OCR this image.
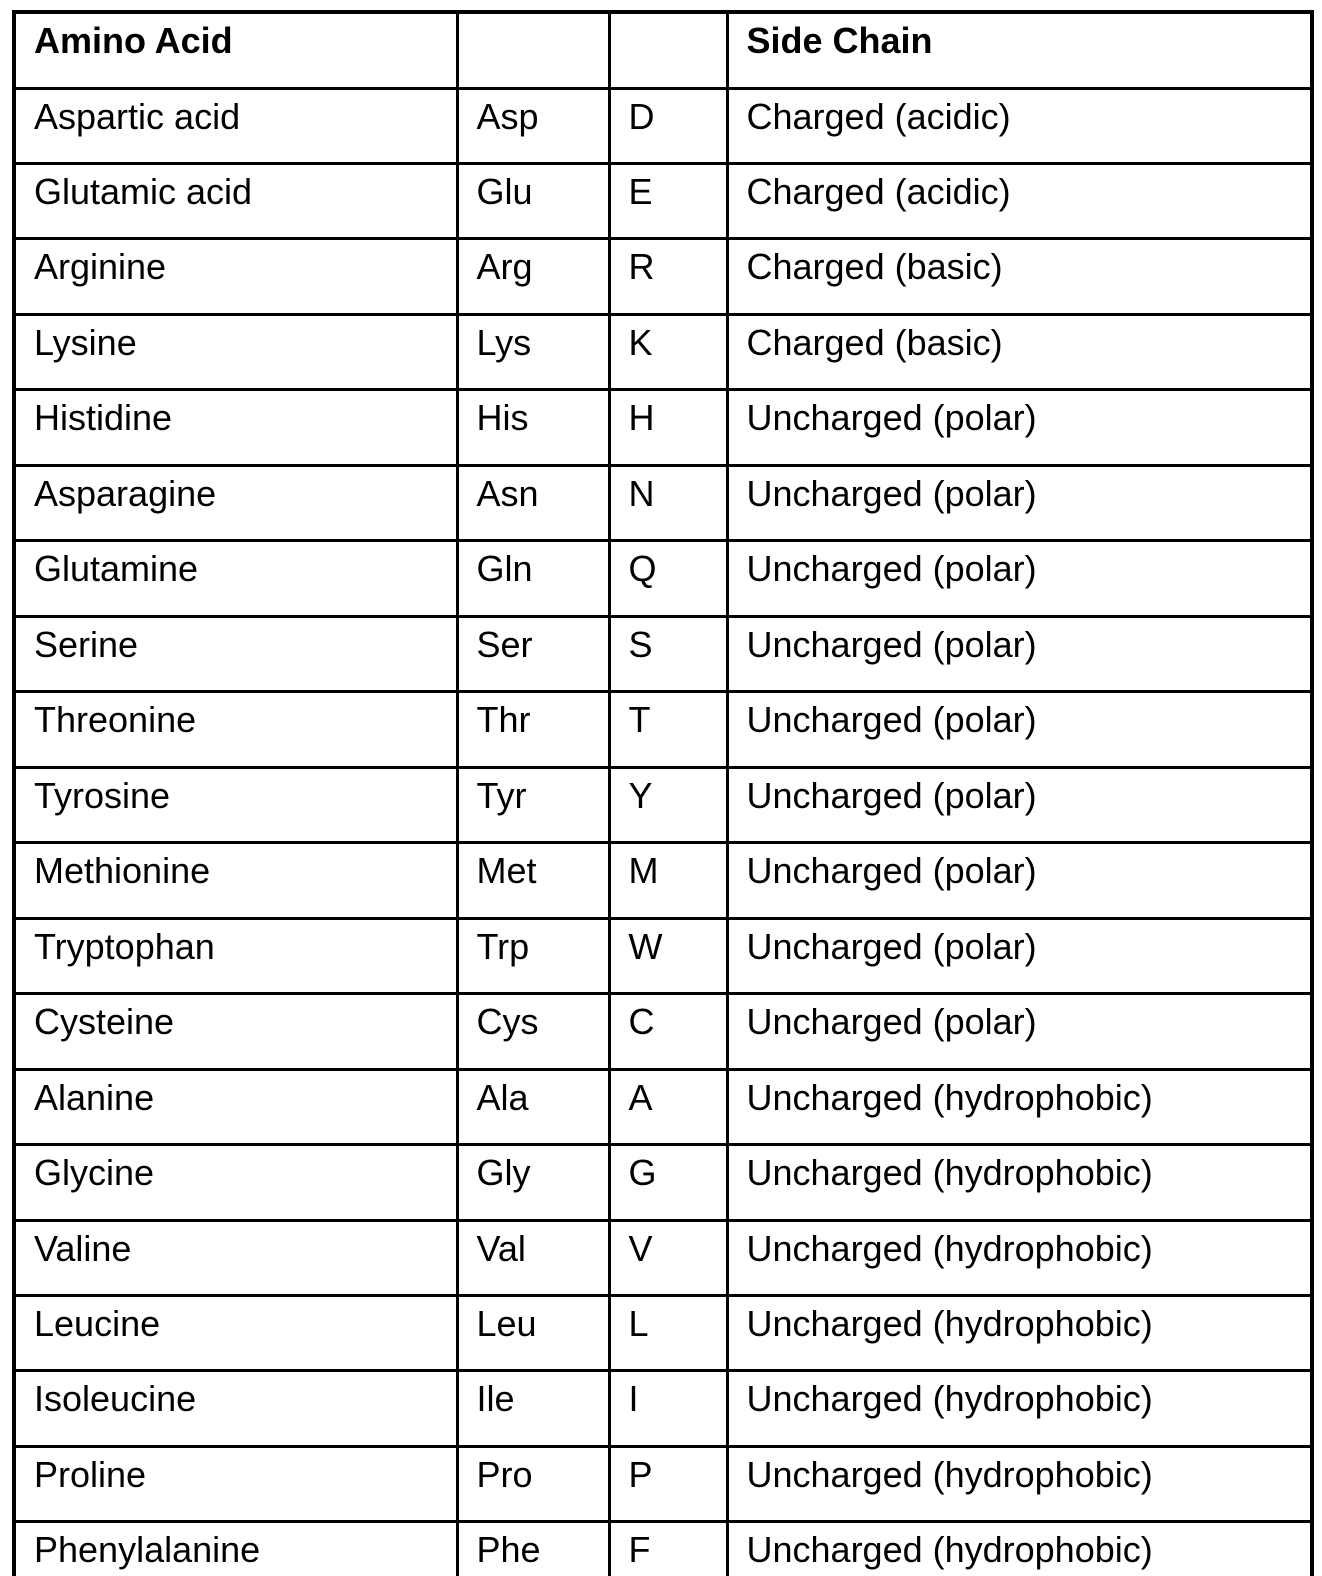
Amino Acid			Side Chain
Aspartic acid	Asp	D	Charged (acidic)
Glutamic acid	Glu	E	Charged (acidic)
Arginine	Arg	R	Charged (basic)
Lysine	Lys	K	Charged (basic)
Histidine	His	H	Uncharged (polar)
Asparagine	Asn	N	Uncharged (polar)
Glutamine	Gln	Q	Uncharged (polar)
Serine	Ser	S	Uncharged (polar)
Threonine	Thr	T	Uncharged (polar)
Tyrosine	Tyr	Y	Uncharged (polar)
Methionine	Met	M	Uncharged (polar)
Tryptophan	Trp	W	Uncharged (polar)
Cysteine	Cys	C	Uncharged (polar)
Alanine	Ala	A	Uncharged (hydrophobic)
Glycine	Gly	G	Uncharged (hydrophobic)
Valine	Val	V	Uncharged (hydrophobic)
Leucine	Leu	L	Uncharged (hydrophobic)
Isoleucine	Ile	I	Uncharged (hydrophobic)
Proline	Pro	P	Uncharged (hydrophobic)
Phenylalanine	Phe	F	Uncharged (hydrophobic)
